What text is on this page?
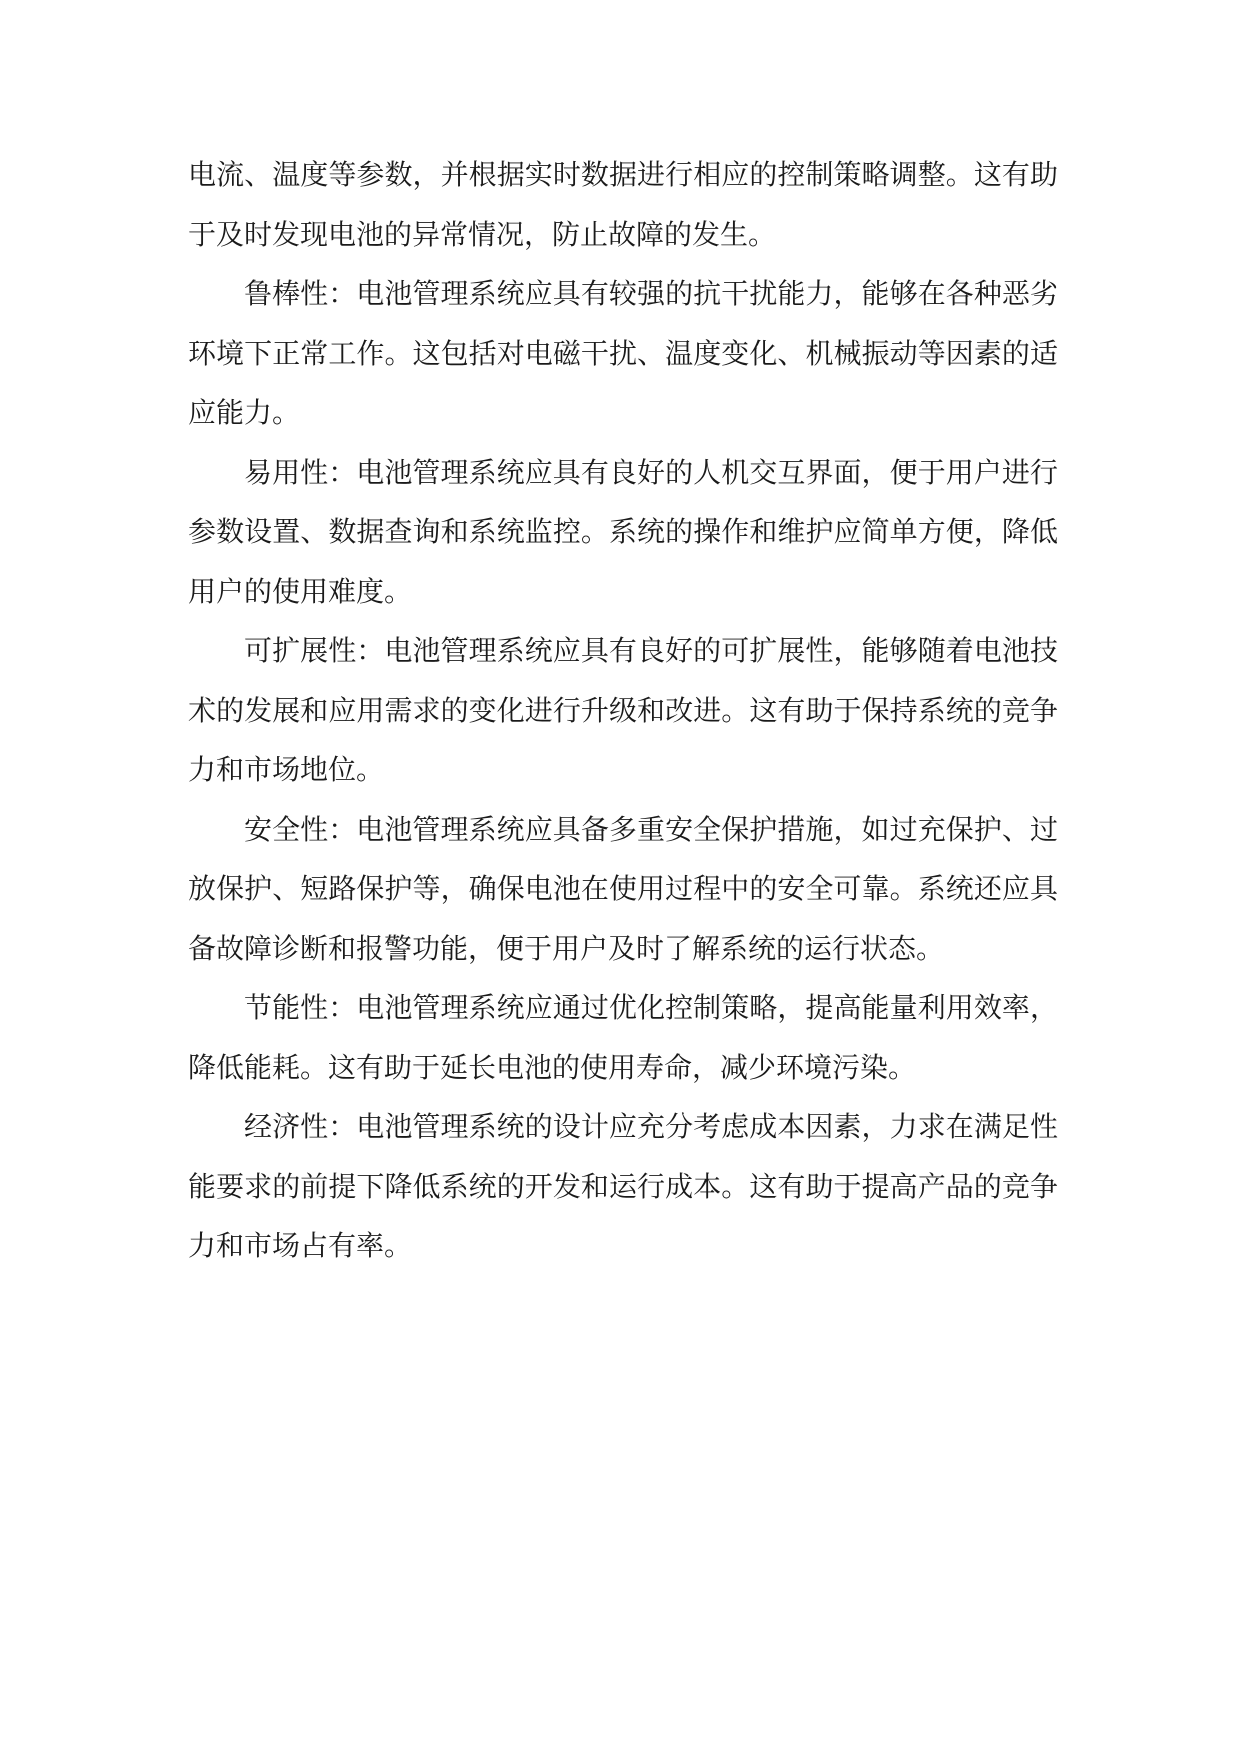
电流、温度等参数，并根据实时数据进行相应的控制策略调整。这有助于及时发现电池的异常情况，防止故障的发生。

鲁棒性：电池管理系统应具有较强的抗干扰能力，能够在各种恶劣环境下正常工作。这包括对电磁干扰、温度变化、机械振动等因素的适应能力。

易用性：电池管理系统应具有良好的人机交互界面，便于用户进行参数设置、数据查询和系统监控。系统的操作和维护应简单方便，降低用户的使用难度。

可扩展性：电池管理系统应具有良好的可扩展性，能够随着电池技术的发展和应用需求的变化进行升级和改进。这有助于保持系统的竞争力和市场地位。

安全性：电池管理系统应具备多重安全保护措施，如过充保护、过放保护、短路保护等，确保电池在使用过程中的安全可靠。系统还应具备故障诊断和报警功能，便于用户及时了解系统的运行状态。

节能性：电池管理系统应通过优化控制策略，提高能量利用效率，降低能耗。这有助于延长电池的使用寿命，减少环境污染。

经济性：电池管理系统的设计应充分考虑成本因素，力求在满足性能要求的前提下降低系统的开发和运行成本。这有助于提高产品的竞争力和市场占有率。
